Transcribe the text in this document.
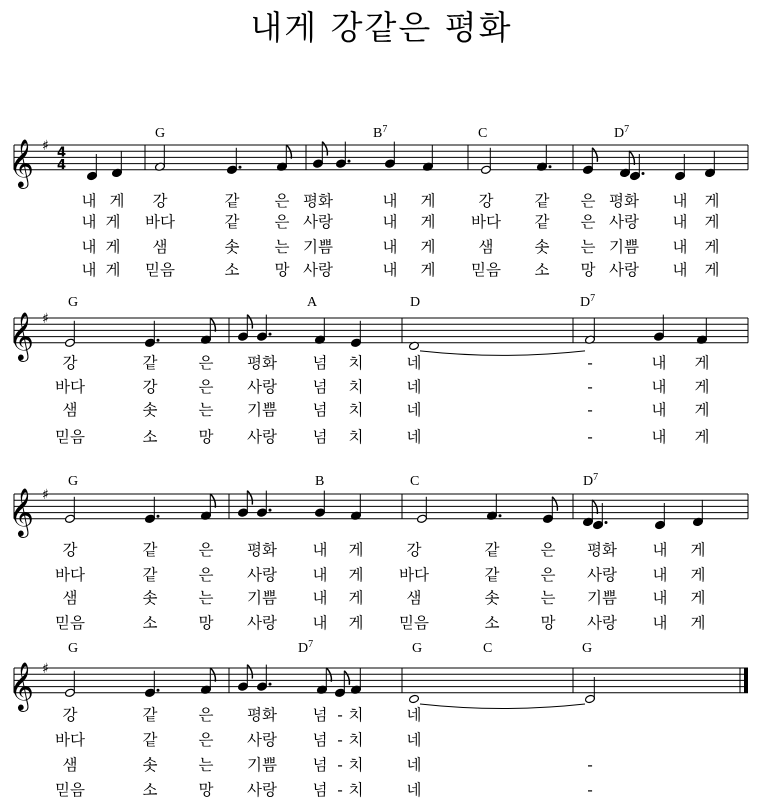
내게 강같은 평화
𝄞 ♯ 4
4
G	$B^7$	C	$D^7$
내 게 강	같 은 평화	내 게	강	같 은 평화 내 게
내 게 바다	같 은 사랑	내 게 바다 같 은 사랑 내 게
내 게 샘	솟 는 기쁨	내 게	샘	솟 는 기쁨 내 게
내 게 믿음	소 망 사랑	내 게 믿음 소 망 사랑 내 게
𝄞 ♯
G	A	D	$D^7$
강	같	은 평화 넘 치	네	-	내 게
바다	강	은 사랑 넘 치	네	-	내 게
샘	솟	는 기쁨 넘 치	네	-	내 게
믿음	소	망 사랑 넘 치	네	-	내 게
𝄞 ♯
G	B	C	$D^7$
강	같	은 평화 내 게	강	같	은 평화 내 게
바다	같	은 사랑 내 게 바다	같	은 사랑 내 게
샘	솟	는 기쁨 내 게	샘	솟	는 기쁨 내 게
믿음	소	망 사랑 내 게 믿음	소	망 사랑 내 게
𝄞 ♯
G	$D^7$	G	C	G
강	같	은 평화 넘 - 치	네
바다	같	은 사랑 넘 - 치	네
샘	솟	는 기쁨 넘 - 치	네	-
믿음	소	망 사랑 넘 - 치	네	-
